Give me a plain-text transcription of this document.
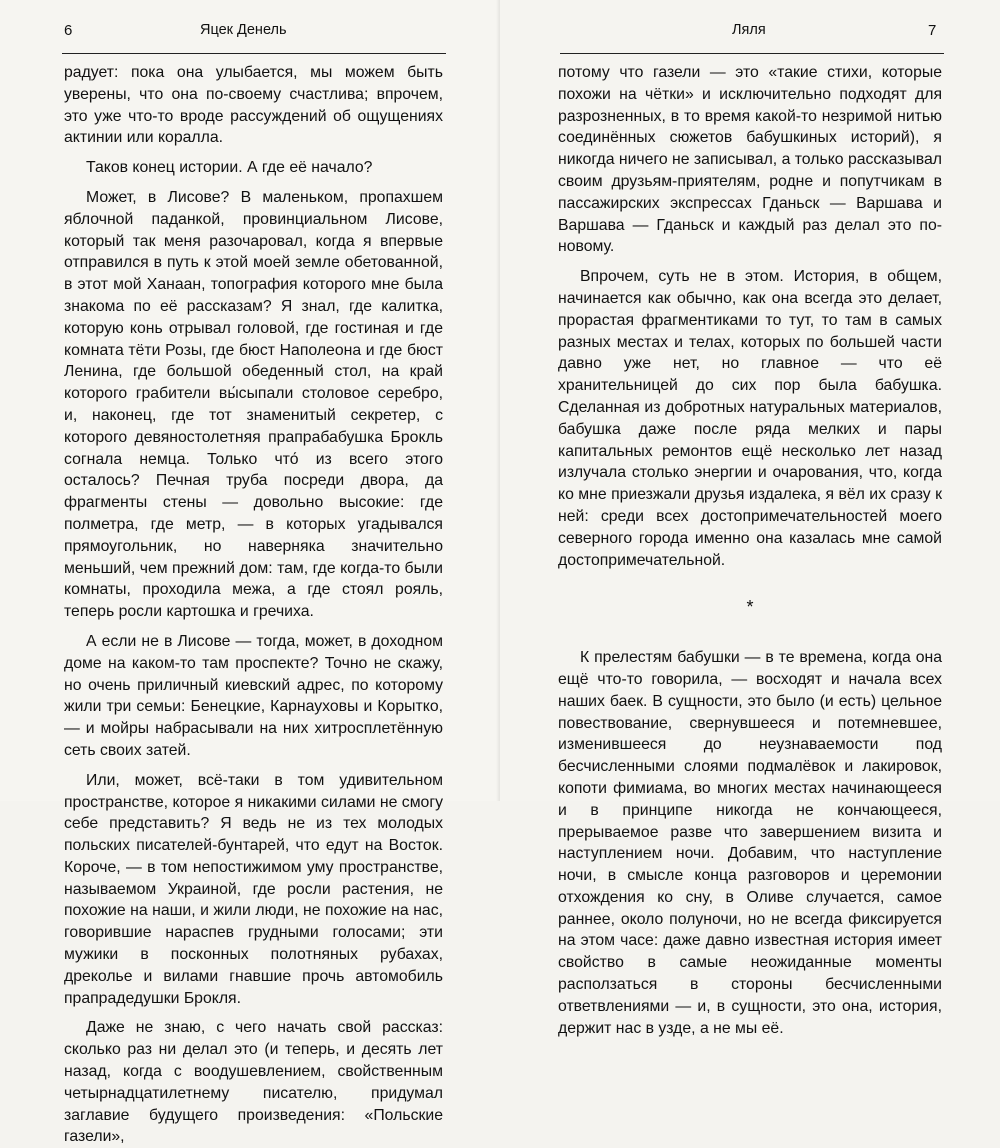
6	Яцек Денель

радует: пока она улыбается, мы можем быть уверены, что она по-своему счастлива; впрочем, это уже что-то вроде рассуждений об ощущениях актинии или коралла.

Таков конец истории. А где её начало?

Может, в Лисове? В маленьком, пропахшем яблочной паданкой, провинциальном Лисове, который так меня разочаровал, когда я впервые отправился в путь к этой моей земле обетованной, в этот мой Ханаан, топография которого мне была знакома по её рассказам? Я знал, где калитка, которую конь отрывал головой, где гостиная и где комната тёти Розы, где бюст Наполеона и где бюст Ленина, где большой обеденный стол, на край которого грабители вы́сыпали столовое серебро, и, наконец, где тот знаменитый секретер, с которого девяностолетняя прапрабабушка Брокль согнала немца. Только что́ из всего этого осталось? Печная труба посреди двора, да фрагменты стены — довольно высокие: где полметра, где метр, — в которых угадывался прямоугольник, но наверняка значительно меньший, чем прежний дом: там, где когда-то были комнаты, проходила межа, а где стоял рояль, теперь росли картошка и гречиха.

А если не в Лисове — тогда, может, в доходном доме на каком-то там проспекте? Точно не скажу, но очень приличный киевский адрес, по которому жили три семьи: Бенецкие, Карнауховы и Корытко, — и мойры набрасывали на них хитросплетённую сеть своих затей.

Или, может, всё-таки в том удивительном пространстве, которое я никакими силами не смогу себе представить? Я ведь не из тех молодых польских писателей-бунтарей, что едут на Восток. Короче, — в том непостижимом уму пространстве, называемом Украиной, где росли растения, не похожие на наши, и жили люди, не похожие на нас, говорившие нараспев грудными голосами; эти мужики в посконных полотняных рубахах, дреколье и вилами гнавшие прочь автомобиль прапрадедушки Брокля.

Даже не знаю, с чего начать свой рассказ: сколько раз ни делал это (и теперь, и десять лет назад, когда с воодушевлением, свойственным четырнадцатилетнему писателю, придумал заглавие будущего произведения: «Польские газели»,

Ляля	7

потому что газели — это «такие стихи, которые похожи на чётки» и исключительно подходят для разрозненных, в то время какой-то незримой нитью соединённых сюжетов бабушкиных историй), я никогда ничего не записывал, а только рассказывал своим друзьям-приятелям, родне и попутчикам в пассажирских экспрессах Гданьск — Варшава и Варшава — Гданьск и каждый раз делал это по-новому.

Впрочем, суть не в этом. История, в общем, начинается как обычно, как она всегда это делает, прорастая фрагментиками то тут, то там в самых разных местах и телах, которых по большей части давно уже нет, но главное — что её хранительницей до сих пор была бабушка. Сделанная из добротных натуральных материалов, бабушка даже после ряда мелких и пары капитальных ремонтов ещё несколько лет назад излучала столько энергии и очарования, что, когда ко мне приезжали друзья издалека, я вёл их сразу к ней: среди всех достопримечательностей моего северного города именно она казалась мне самой достопримечательной.

*

К прелестям бабушки — в те времена, когда она ещё что-то говорила, — восходят и начала всех наших баек. В сущности, это было (и есть) цельное повествование, свернувшееся и потемневшее, изменившееся до неузнаваемости под бесчисленными слоями подмалёвок и лакировок, копоти фимиама, во многих местах начинающееся и в принципе никогда не кончающееся, прерываемое разве что завершением визита и наступлением ночи. Добавим, что наступление ночи, в смысле конца разговоров и церемонии отхождения ко сну, в Оливе случается, самое раннее, около полуночи, но не всегда фиксируется на этом часе: даже давно известная история имеет свойство в самые неожиданные моменты расползаться в стороны бесчисленными ответвлениями — и, в сущности, это она, история, держит нас в узде, а не мы её.
